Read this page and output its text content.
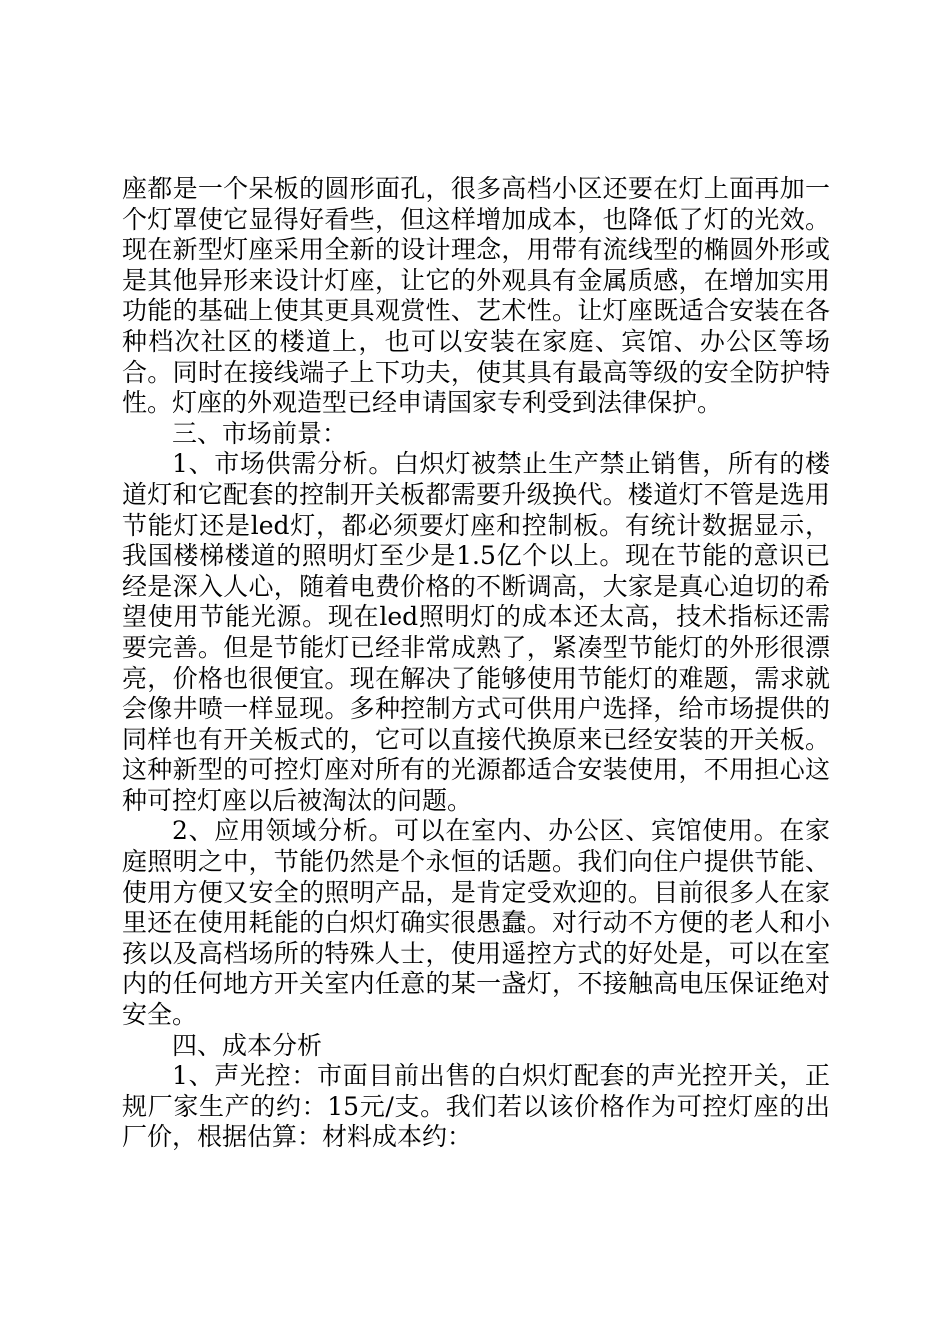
座都是一个呆板的圆形面孔，很多高档小区还要在灯上面再加一个灯罩使它显得好看些，但这样增加成本，也降低了灯的光效。现在新型灯座采用全新的设计理念，用带有流线型的椭圆外形或是其他异形来设计灯座，让它的外观具有金属质感，在增加实用功能的基础上使其更具观赏性、艺术性。让灯座既适合安装在各种档次社区的楼道上，也可以安装在家庭、宾馆、办公区等场合。同时在接线端子上下功夫，使其具有最高等级的安全防护特性。灯座的外观造型已经申请国家专利受到法律保护。

三、市场前景：

1、市场供需分析。白炽灯被禁止生产禁止销售，所有的楼道灯和它配套的控制开关板都需要升级换代。楼道灯不管是选用节能灯还是led灯，都必须要灯座和控制板。有统计数据显示，我国楼梯楼道的照明灯至少是1.5亿个以上。现在节能的意识已经是深入人心，随着电费价格的不断调高，大家是真心迫切的希望使用节能光源。现在led照明灯的成本还太高，技术指标还需要完善。但是节能灯已经非常成熟了，紧凑型节能灯的外形很漂亮，价格也很便宜。现在解决了能够使用节能灯的难题，需求就会像井喷一样显现。多种控制方式可供用户选择，给市场提供的同样也有开关板式的，它可以直接代换原来已经安装的开关板。这种新型的可控灯座对所有的光源都适合安装使用，不用担心这种可控灯座以后被淘汰的问题。

2、应用领域分析。可以在室内、办公区、宾馆使用。在家庭照明之中，节能仍然是个永恒的话题。我们向住户提供节能、使用方便又安全的照明产品，是肯定受欢迎的。目前很多人在家里还在使用耗能的白炽灯确实很愚蠢。对行动不方便的老人和小孩以及高档场所的特殊人士，使用遥控方式的好处是，可以在室内的任何地方开关室内任意的某一盏灯，不接触高电压保证绝对安全。

四、成本分析

1、声光控：市面目前出售的白炽灯配套的声光控开关，正规厂家生产的约：15元/支。我们若以该价格作为可控灯座的出厂价，根据估算：材料成本约：
